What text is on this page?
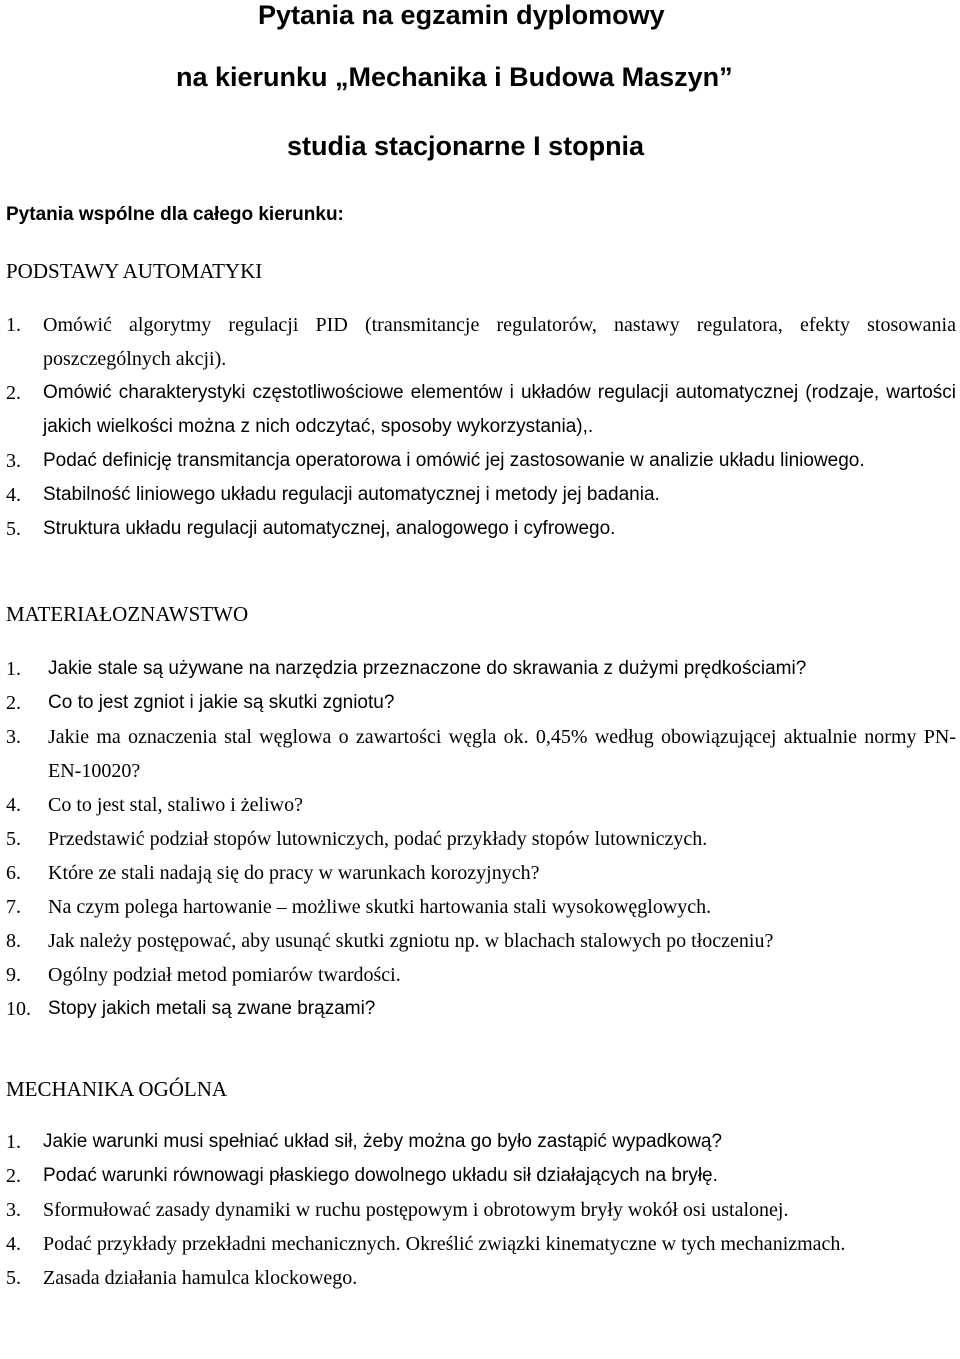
Pytania na egzamin dyplomowy
na kierunku „Mechanika i Budowa Maszyn”
studia stacjonarne I stopnia
Pytania wspólne dla całego kierunku:
PODSTAWY AUTOMATYKI
1. Omówić algorytmy regulacji PID (transmitancje regulatorów, nastawy regulatora, efekty stosowania poszczególnych akcji).
2. Omówić charakterystyki częstotliwościowe elementów i układów regulacji automatycznej (rodzaje, wartości jakich wielkości można z nich odczytać, sposoby wykorzystania),.
3. Podać definicję transmitancja operatorowa i omówić jej zastosowanie w analizie układu liniowego.
4. Stabilność liniowego układu regulacji automatycznej i metody jej badania.
5. Struktura układu regulacji automatycznej, analogowego i cyfrowego.
MATERIAŁOZNAWSTWO
1. Jakie stale są używane na narzędzia przeznaczone do skrawania z dużymi prędkościami?
2. Co to jest zgniot i jakie są skutki zgniotu?
3. Jakie ma oznaczenia stal węglowa o zawartości węgla ok. 0,45% według obowiązującej aktualnie normy PN-EN-10020?
4. Co to jest stal, staliwo i żeliwo?
5. Przedstawić podział stopów lutowniczych, podać przykłady stopów lutowniczych.
6. Które ze stali nadają się do pracy w warunkach korozyjnych?
7. Na czym polega hartowanie – możliwe skutki hartowania stali wysokowęglowych.
8. Jak należy postępować, aby usunąć skutki zgniotu np. w blachach stalowych po tłoczeniu?
9. Ogólny podział metod pomiarów twardości.
10. Stopy jakich metali są zwane brązami?
MECHANIKA OGÓLNA
1. Jakie warunki musi spełniać układ sił, żeby można go było zastąpić wypadkową?
2. Podać warunki równowagi płaskiego dowolnego układu sił działających na bryłę.
3. Sformułować zasady dynamiki w ruchu postępowym i obrotowym bryły wokół osi ustalonej.
4. Podać przykłady przekładni mechanicznych. Określić związki kinematyczne w tych mechanizmach.
5. Zasada działania hamulca klockowego.
